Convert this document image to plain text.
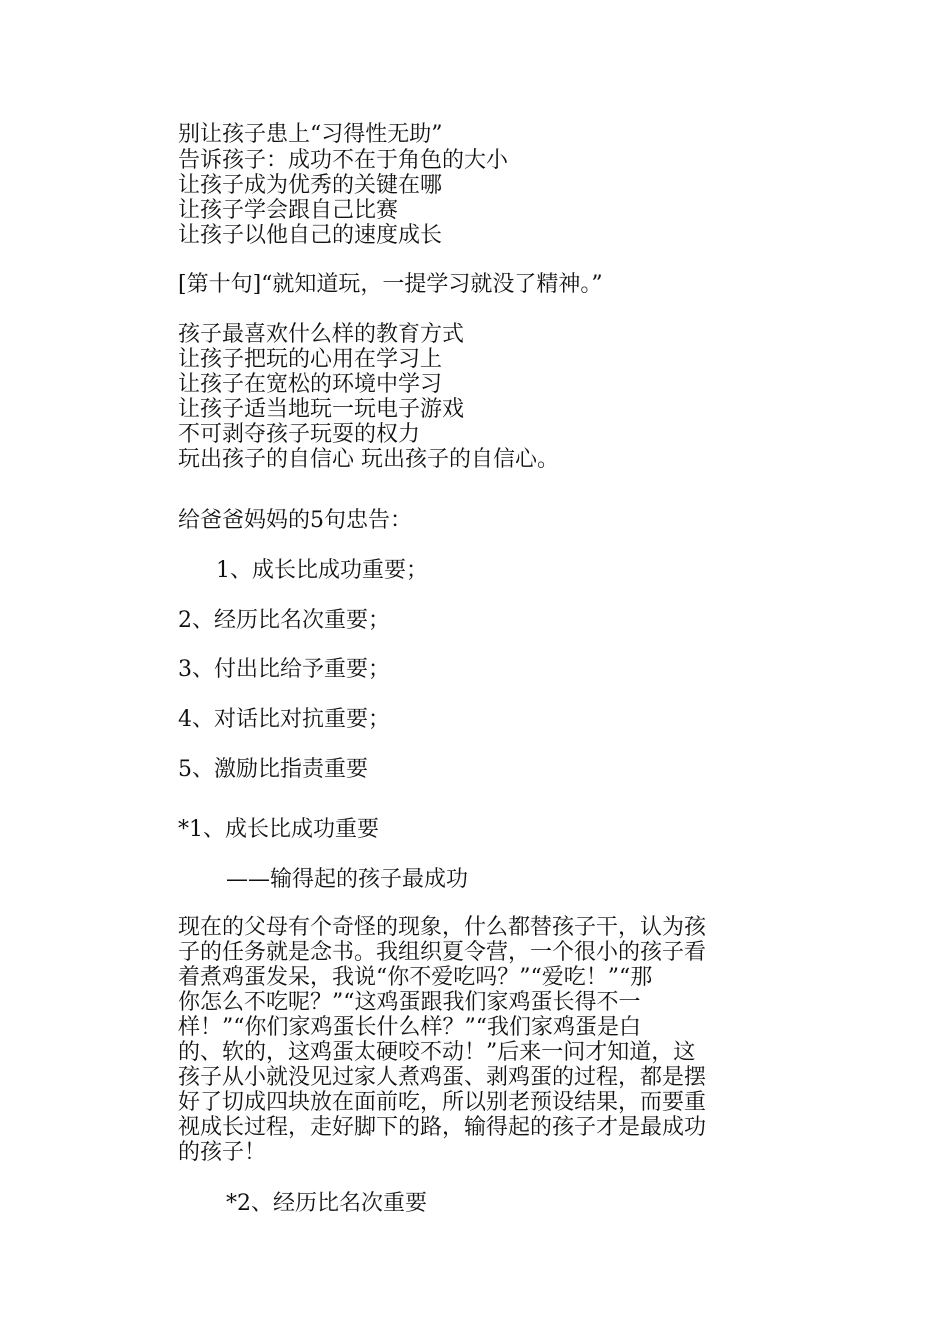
别让孩子患上“习得性无助”
告诉孩子：成功不在于角色的大小
让孩子成为优秀的关键在哪
让孩子学会跟自己比赛
让孩子以他自己的速度成长
[第十句]“就知道玩，一提学习就没了精神。”
孩子最喜欢什么样的教育方式
让孩子把玩的心用在学习上
让孩子在宽松的环境中学习
让孩子适当地玩一玩电子游戏
不可剥夺孩子玩耍的权力
玩出孩子的自信心 玩出孩子的自信心。
给爸爸妈妈的5句忠告：
1、成长比成功重要；
2、经历比名次重要；
3、付出比给予重要；
4、对话比对抗重要；
5、激励比指责重要
*1、成长比成功重要
——输得起的孩子最成功
现在的父母有个奇怪的现象，什么都替孩子干，认为孩
子的任务就是念书。我组织夏令营，一个很小的孩子看
着煮鸡蛋发呆，我说“你不爱吃吗？”“爱吃！”“那
你怎么不吃呢？”“这鸡蛋跟我们家鸡蛋长得不一
样！”“你们家鸡蛋长什么样？”“我们家鸡蛋是白
的、软的，这鸡蛋太硬咬不动！”后来一问才知道，这
孩子从小就没见过家人煮鸡蛋、剥鸡蛋的过程，都是摆
好了切成四块放在面前吃，所以别老预设结果，而要重
视成长过程，走好脚下的路，输得起的孩子才是最成功
的孩子！
*2、经历比名次重要
